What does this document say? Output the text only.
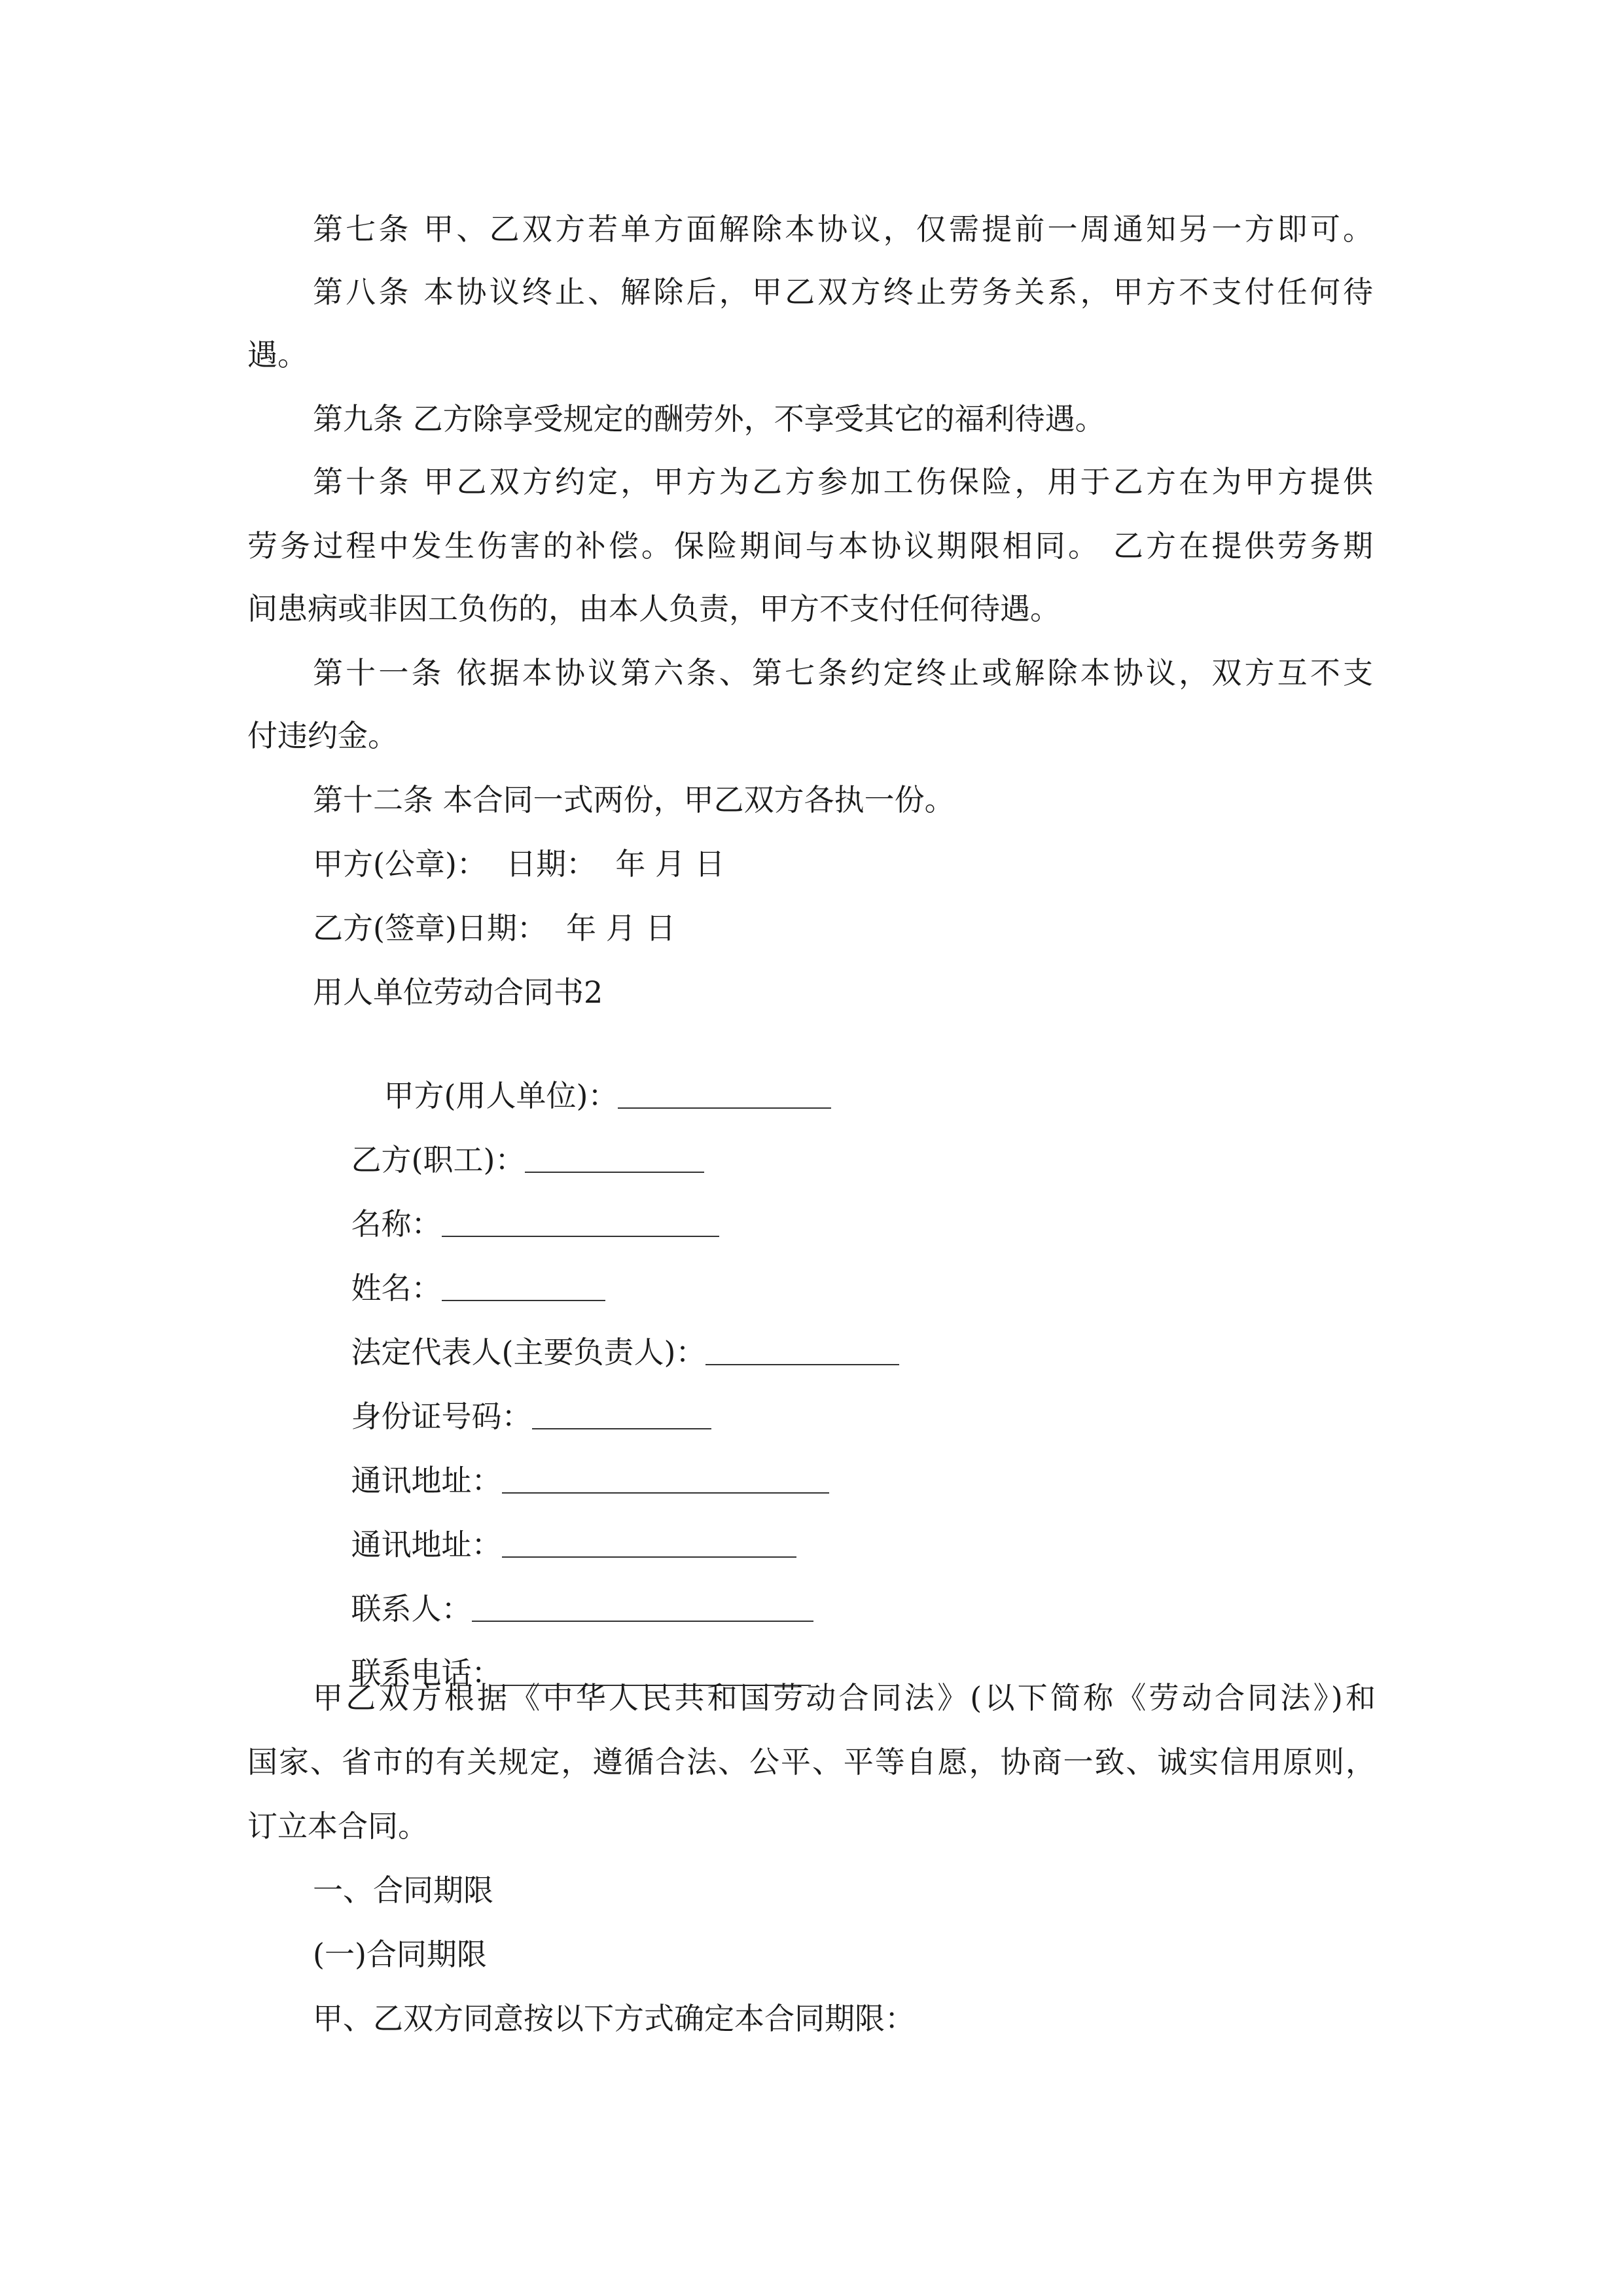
第七条 甲、乙双方若单方面解除本协议，仅需提前一周通知另一方即可。
第八条 本协议终止、解除后，甲乙双方终止劳务关系，甲方不支付任何待
遇。
第九条 乙方除享受规定的酬劳外，不享受其它的福利待遇。
第十条 甲乙双方约定，甲方为乙方参加工伤保险，用于乙方在为甲方提供
劳务过程中发生伤害的补偿。保险期间与本协议期限相同。 乙方在提供劳务期
间患病或非因工负伤的，由本人负责，甲方不支付任何待遇。
第十一条 依据本协议第六条、第七条约定终止或解除本协议，双方互不支
付违约金。
第十二条 本合同一式两份，甲乙双方各执一份。
甲方(公章)：  日期：  年 月 日
乙方(签章)日期：  年 月 日
用人单位劳动合同书2

甲方(用人单位)：

乙方(职工)：

名称：

姓名：

法定代表人(主要负责人)：

身份证号码：

通讯地址：

通讯地址：

联系人：

联系电话：

甲乙双方根据《中华人民共和国劳动合同法》(以下简称《劳动合同法》)和
国家、省市的有关规定，遵循合法、公平、平等自愿，协商一致、诚实信用原则，
订立本合同。
一、合同期限
(一)合同期限
甲、乙双方同意按以下方式确定本合同期限：
